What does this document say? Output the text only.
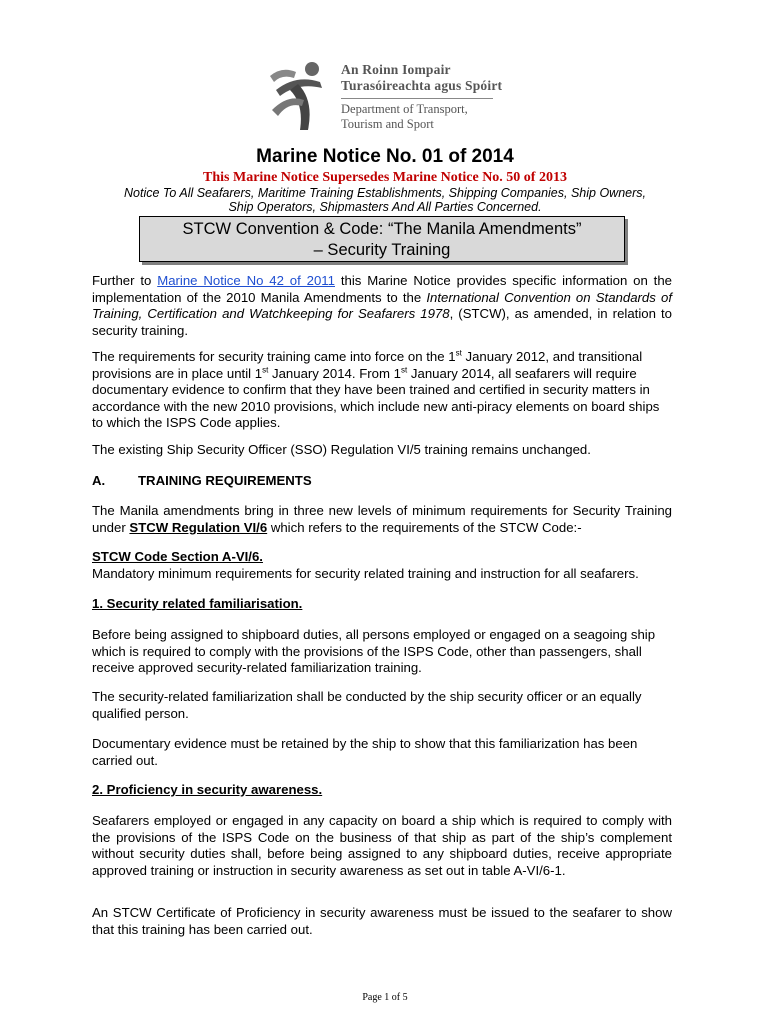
An Roinn Iompair
Turasóireachta agus Spóirt
Department of Transport,
Tourism and Sport
Marine Notice No. 01 of 2014
This Marine Notice Supersedes Marine Notice No. 50 of 2013
Notice To All Seafarers, Maritime Training Establishments, Shipping Companies, Ship Owners,
Ship Operators, Shipmasters And All Parties Concerned.
STCW Convention & Code: “The Manila Amendments”
– Security Training
Further to Marine Notice No 42 of 2011 this Marine Notice provides specific information on the implementation of the 2010 Manila Amendments to the International Convention on Standards of Training, Certification and Watchkeeping for Seafarers 1978, (STCW), as amended, in relation to security training.
The requirements for security training came into force on the 1st January 2012, and transitional provisions are in place until 1st January 2014. From 1st January 2014, all seafarers will require documentary evidence to confirm that they have been trained and certified in security matters in accordance with the new 2010 provisions, which include new anti-piracy elements on board ships to which the ISPS Code applies.
The existing Ship Security Officer (SSO) Regulation VI/5 training remains unchanged.
A. TRAINING REQUIREMENTS
The Manila amendments bring in three new levels of minimum requirements for Security Training under STCW Regulation VI/6 which refers to the requirements of the STCW Code:-
STCW Code Section A-VI/6.
Mandatory minimum requirements for security related training and instruction for all seafarers.
1. Security related familiarisation.
Before being assigned to shipboard duties, all persons employed or engaged on a seagoing ship which is required to comply with the provisions of the ISPS Code, other than passengers, shall receive approved security-related familiarization training.
The security-related familiarization shall be conducted by the ship security officer or an equally qualified person.
Documentary evidence must be retained by the ship to show that this familiarization has been carried out.
2. Proficiency in security awareness.
Seafarers employed or engaged in any capacity on board a ship which is required to comply with the provisions of the ISPS Code on the business of that ship as part of the ship’s complement without security duties shall, before being assigned to any shipboard duties, receive appropriate approved training or instruction in security awareness as set out in table A-VI/6-1.
An STCW Certificate of Proficiency in security awareness must be issued to the seafarer to show that this training has been carried out.
Page 1 of 5
